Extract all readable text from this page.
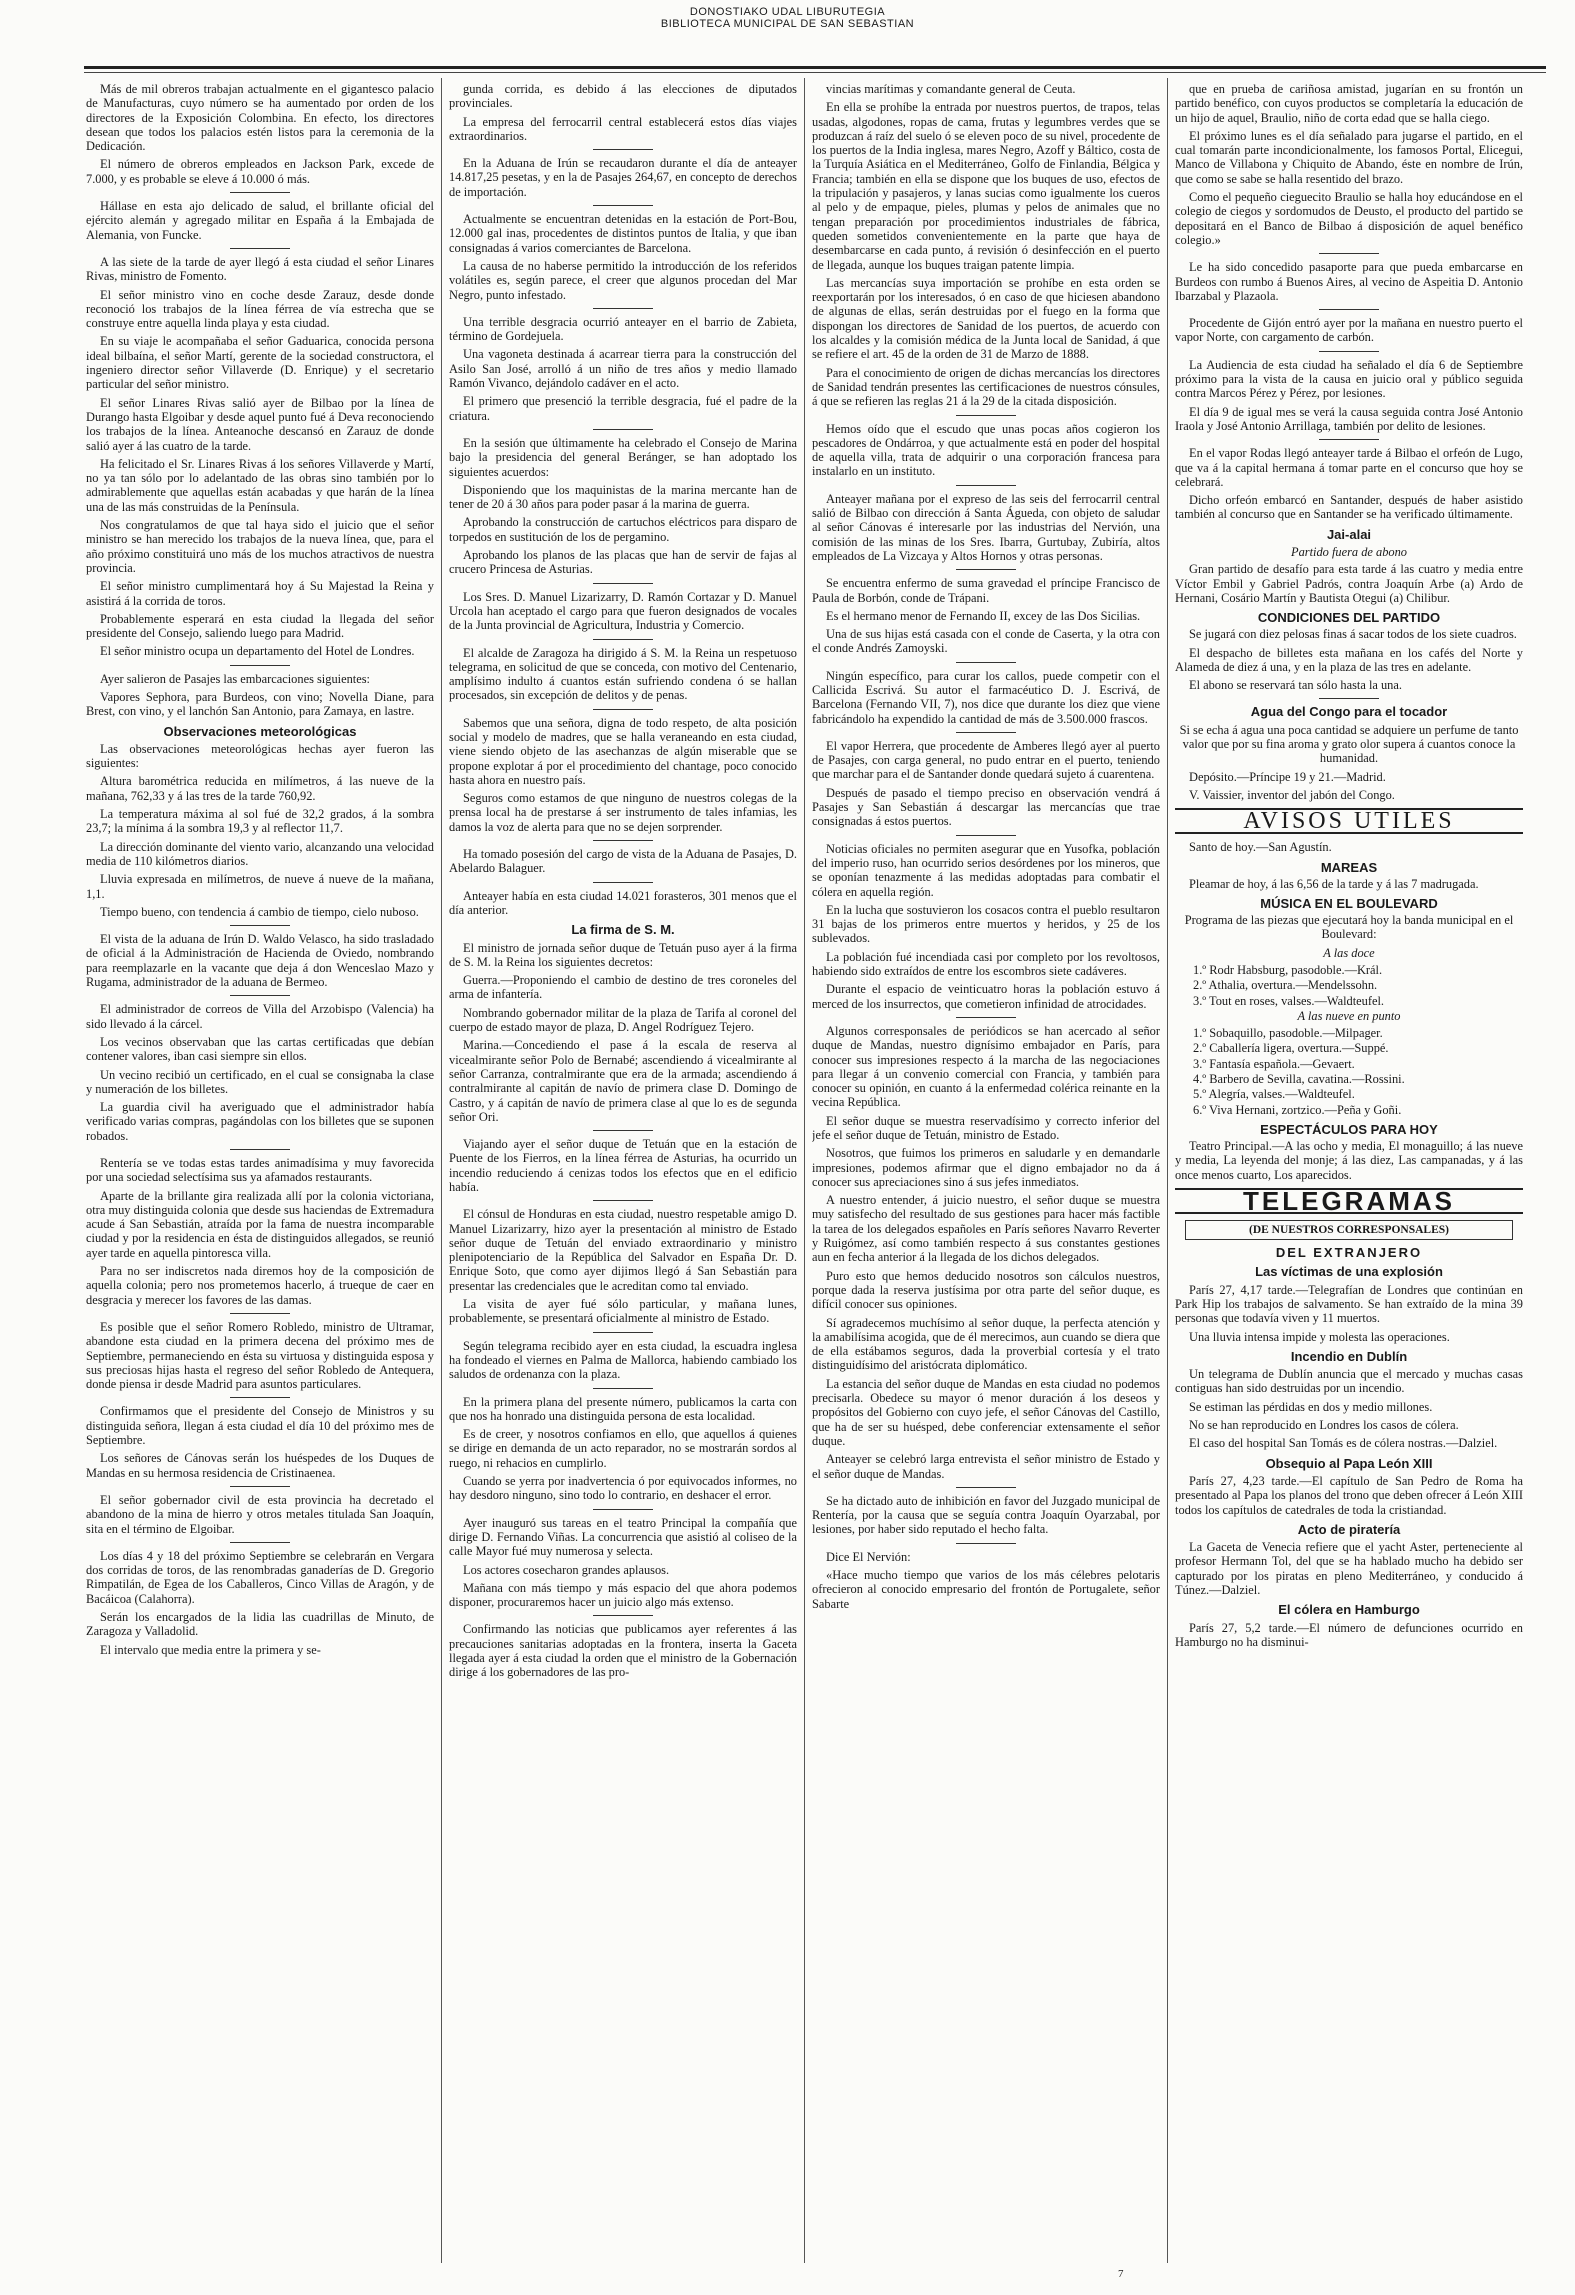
DONOSTIAKO UDAL LIBURUTEGIA
BIBLIOTECA MUNICIPAL DE SAN SEBASTIAN

Más de mil obreros trabajan actualmente en el gigantesco palacio de Manufacturas, cuyo número se ha aumentado por orden de los directores de la Exposición Colombina. En efecto, los directores desean que todos los palacios estén listos para la ceremonia de la Dedicación.

El número de obreros empleados en Jackson Park, excede de 7.000, y es probable se eleve á 10.000 ó más.

Hállase en esta ajo delicado de salud, el brillante oficial del ejército alemán y agregado militar en España á la Embajada de Alemania, von Funcke.

A las siete de la tarde de ayer llegó á esta ciudad el señor Linares Rivas, ministro de Fomento.

El señor ministro vino en coche desde Zarauz, desde donde reconoció los trabajos de la línea férrea de vía estrecha que se construye entre aquella linda playa y esta ciudad.

En su viaje le acompañaba el señor Gaduarica, conocida persona ideal bilbaína, el señor Martí, gerente de la sociedad constructora, el ingeniero director señor Villaverde (D. Enrique) y el secretario particular del señor ministro.

El señor Linares Rivas salió ayer de Bilbao por la línea de Durango hasta Elgoibar y desde aquel punto fué á Deva reconociendo los trabajos de la línea. Anteanoche descansó en Zarauz de donde salió ayer á las cuatro de la tarde.

Ha felicitado el Sr. Linares Rivas á los señores Villaverde y Martí, no ya tan sólo por lo adelantado de las obras sino también por lo admirablemente que aquellas están acabadas y que harán de la línea una de las más construidas de la Península.

Nos congratulamos de que tal haya sido el juicio que el señor ministro se han merecido los trabajos de la nueva línea, que, para el año próximo constituirá uno más de los muchos atractivos de nuestra provincia.

El señor ministro cumplimentará hoy á Su Majestad la Reina y asistirá á la corrida de toros.

Probablemente esperará en esta ciudad la llegada del señor presidente del Consejo, saliendo luego para Madrid.

El señor ministro ocupa un departamento del Hotel de Londres.

Ayer salieron de Pasajes las embarcaciones siguientes:

Vapores Sephora, para Burdeos, con vino; Novella Diane, para Brest, con vino, y el lanchón San Antonio, para Zamaya, en lastre.

Observaciones meteorológicas

Las observaciones meteorológicas hechas ayer fueron las siguientes:

Altura barométrica reducida en milímetros, á las nueve de la mañana, 762,33 y á las tres de la tarde 760,92.

La temperatura máxima al sol fué de 32,2 grados, á la sombra 23,7; la mínima á la sombra 19,3 y al reflector 11,7.

La dirección dominante del viento vario, alcanzando una velocidad media de 110 kilómetros diarios.

Lluvia expresada en milímetros, de nueve á nueve de la mañana, 1,1.

Tiempo bueno, con tendencia á cambio de tiempo, cielo nuboso.

El vista de la aduana de Irún D. Waldo Velasco, ha sido trasladado de oficial á la Administración de Hacienda de Oviedo, nombrando para reemplazarle en la vacante que deja á don Wenceslao Mazo y Rugama, administrador de la aduana de Bermeo.

El administrador de correos de Villa del Arzobispo (Valencia) ha sido llevado á la cárcel.

Los vecinos observaban que las cartas certificadas que debían contener valores, iban casi siempre sin ellos.

Un vecino recibió un certificado, en el cual se consignaba la clase y numeración de los billetes.

La guardia civil ha averiguado que el administrador había verificado varias compras, pagándolas con los billetes que se suponen robados.

Rentería se ve todas estas tardes animadísima y muy favorecida por una sociedad selectísima sus ya afamados restaurants.

Aparte de la brillante gira realizada allí por la colonia victoriana, otra muy distinguida colonia que desde sus haciendas de Extremadura acude á San Sebastián, atraída por la fama de nuestra incomparable ciudad y por la residencia en ésta de distinguidos allegados, se reunió ayer tarde en aquella pintoresca villa.

Para no ser indiscretos nada diremos hoy de la composición de aquella colonia; pero nos prometemos hacerlo, á trueque de caer en desgracia y merecer los favores de las damas.

Es posible que el señor Romero Robledo, ministro de Ultramar, abandone esta ciudad en la primera decena del próximo mes de Septiembre, permaneciendo en ésta su virtuosa y distinguida esposa y sus preciosas hijas hasta el regreso del señor Robledo de Antequera, donde piensa ir desde Madrid para asuntos particulares.

Confirmamos que el presidente del Consejo de Ministros y su distinguida señora, llegan á esta ciudad el día 10 del próximo mes de Septiembre.

Los señores de Cánovas serán los huéspedes de los Duques de Mandas en su hermosa residencia de Cristinaenea.

El señor gobernador civil de esta provincia ha decretado el abandono de la mina de hierro y otros metales titulada San Joaquín, sita en el término de Elgoibar.

Los días 4 y 18 del próximo Septiembre se celebrarán en Vergara dos corridas de toros, de las renombradas ganaderías de D. Gregorio Rimpatilán, de Egea de los Caballeros, Cinco Villas de Aragón, y de Bacáicoa (Calahorra).

Serán los encargados de la lidia las cuadrillas de Minuto, de Zaragoza y Valladolid.

El intervalo que media entre la primera y se-

gunda corrida, es debido á las elecciones de diputados provinciales.

La empresa del ferrocarril central establecerá estos días viajes extraordinarios.

En la Aduana de Irún se recaudaron durante el día de anteayer 14.817,25 pesetas, y en la de Pasajes 264,67, en concepto de derechos de importación.

Actualmente se encuentran detenidas en la estación de Port-Bou, 12.000 gal inas, procedentes de distintos puntos de Italia, y que iban consignadas á varios comerciantes de Barcelona.

La causa de no haberse permitido la introducción de los referidos volátiles es, según parece, el creer que algunos procedan del Mar Negro, punto infestado.

Una terrible desgracia ocurrió anteayer en el barrio de Zabieta, término de Gordejuela.

Una vagoneta destinada á acarrear tierra para la construcción del Asilo San José, arrolló á un niño de tres años y medio llamado Ramón Vivanco, dejándolo cadáver en el acto.

El primero que presenció la terrible desgracia, fué el padre de la criatura.

En la sesión que últimamente ha celebrado el Consejo de Marina bajo la presidencia del general Beránger, se han adoptado los siguientes acuerdos:

Disponiendo que los maquinistas de la marina mercante han de tener de 20 á 30 años para poder pasar á la marina de guerra.

Aprobando la construcción de cartuchos eléctricos para disparo de torpedos en sustitución de los de pergamino.

Aprobando los planos de las placas que han de servir de fajas al crucero Princesa de Asturias.

Los Sres. D. Manuel Lizarizarry, D. Ramón Cortazar y D. Manuel Urcola han aceptado el cargo para que fueron designados de vocales de la Junta provincial de Agricultura, Industria y Comercio.

El alcalde de Zaragoza ha dirigido á S. M. la Reina un respetuoso telegrama, en solicitud de que se conceda, con motivo del Centenario, amplísimo indulto á cuantos están sufriendo condena ó se hallan procesados, sin excepción de delitos y de penas.

Sabemos que una señora, digna de todo respeto, de alta posición social y modelo de madres, que se halla veraneando en esta ciudad, viene siendo objeto de las asechanzas de algún miserable que se propone explotar á por el procedimiento del chantage, poco conocido hasta ahora en nuestro país.

Seguros como estamos de que ninguno de nuestros colegas de la prensa local ha de prestarse á ser instrumento de tales infamias, les damos la voz de alerta para que no se dejen sorprender.

Ha tomado posesión del cargo de vista de la Aduana de Pasajes, D. Abelardo Balaguer.

Anteayer había en esta ciudad 14.021 forasteros, 301 menos que el día anterior.

La firma de S. M.

El ministro de jornada señor duque de Tetuán puso ayer á la firma de S. M. la Reina los siguientes decretos:

Guerra.—Proponiendo el cambio de destino de tres coroneles del arma de infantería.

Nombrando gobernador militar de la plaza de Tarifa al coronel del cuerpo de estado mayor de plaza, D. Angel Rodríguez Tejero.

Marina.—Concediendo el pase á la escala de reserva al vicealmirante señor Polo de Bernabé; ascendiendo á vicealmirante al señor Carranza, contralmirante que era de la armada; ascendiendo á contralmirante al capitán de navío de primera clase D. Domingo de Castro, y á capitán de navío de primera clase al que lo es de segunda señor Ori.

Viajando ayer el señor duque de Tetuán que en la estación de Puente de los Fierros, en la línea férrea de Asturias, ha ocurrido un incendio reduciendo á cenizas todos los efectos que en el edificio había.

El cónsul de Honduras en esta ciudad, nuestro respetable amigo D. Manuel Lizarizarry, hizo ayer la presentación al ministro de Estado señor duque de Tetuán del enviado extraordinario y ministro plenipotenciario de la República del Salvador en España Dr. D. Enrique Soto, que como ayer dijimos llegó á San Sebastián para presentar las credenciales que le acreditan como tal enviado.

La visita de ayer fué sólo particular, y mañana lunes, probablemente, se presentará oficialmente al ministro de Estado.

Según telegrama recibido ayer en esta ciudad, la escuadra inglesa ha fondeado el viernes en Palma de Mallorca, habiendo cambiado los saludos de ordenanza con la plaza.

En la primera plana del presente número, publicamos la carta con que nos ha honrado una distinguida persona de esta localidad.

Es de creer, y nosotros confiamos en ello, que aquellos á quienes se dirige en demanda de un acto reparador, no se mostrarán sordos al ruego, ni rehacios en cumplirlo.

Cuando se yerra por inadvertencia ó por equivocados informes, no hay desdoro ninguno, sino todo lo contrario, en deshacer el error.

Ayer inauguró sus tareas en el teatro Principal la compañía que dirige D. Fernando Viñas. La concurrencia que asistió al coliseo de la calle Mayor fué muy numerosa y selecta.

Los actores cosecharon grandes aplausos.

Mañana con más tiempo y más espacio del que ahora podemos disponer, procuraremos hacer un juicio algo más extenso.

Confirmando las noticias que publicamos ayer referentes á las precauciones sanitarias adoptadas en la frontera, inserta la Gaceta llegada ayer á esta ciudad la orden que el ministro de la Gobernación dirige á los gobernadores de las pro-

vincias marítimas y comandante general de Ceuta.

En ella se prohíbe la entrada por nuestros puertos, de trapos, telas usadas, algodones, ropas de cama, frutas y legumbres verdes que se produzcan á raíz del suelo ó se eleven poco de su nivel, procedente de los puertos de la India inglesa, mares Negro, Azoff y Báltico, costa de la Turquía Asiática en el Mediterráneo, Golfo de Finlandia, Bélgica y Francia; también en ella se dispone que los buques de uso, efectos de la tripulación y pasajeros, y lanas sucias como igualmente los cueros al pelo y de empaque, pieles, plumas y pelos de animales que no tengan preparación por procedimientos industriales de fábrica, queden sometidos convenientemente en la parte que haya de desembarcarse en cada punto, á revisión ó desinfección en el puerto de llegada, aunque los buques traigan patente limpia.

Las mercancías suya importación se prohíbe en esta orden se reexportarán por los interesados, ó en caso de que hiciesen abandono de algunas de ellas, serán destruidas por el fuego en la forma que dispongan los directores de Sanidad de los puertos, de acuerdo con los alcaldes y la comisión médica de la Junta local de Sanidad, á que se refiere el art. 45 de la orden de 31 de Marzo de 1888.

Para el conocimiento de origen de dichas mercancías los directores de Sanidad tendrán presentes las certificaciones de nuestros cónsules, á que se refieren las reglas 21 á la 29 de la citada disposición.

Hemos oído que el escudo que unas pocas años cogieron los pescadores de Ondárroa, y que actualmente está en poder del hospital de aquella villa, trata de adquirir o una corporación francesa para instalarlo en un instituto.

Anteayer mañana por el expreso de las seis del ferrocarril central salió de Bilbao con dirección á Santa Águeda, con objeto de saludar al señor Cánovas é interesarle por las industrias del Nervión, una comisión de las minas de los Sres. Ibarra, Gurtubay, Zubiría, altos empleados de La Vizcaya y Altos Hornos y otras personas.

Se encuentra enfermo de suma gravedad el príncipe Francisco de Paula de Borbón, conde de Trápani.

Es el hermano menor de Fernando II, excey de las Dos Sicilias.

Una de sus hijas está casada con el conde de Caserta, y la otra con el conde Andrés Zamoyski.

Ningún específico, para curar los callos, puede competir con el Callicida Escrivá. Su autor el farmacéutico D. J. Escrivá, de Barcelona (Fernando VII, 7), nos dice que durante los diez que viene fabricándolo ha expendido la cantidad de más de 3.500.000 frascos.

El vapor Herrera, que procedente de Amberes llegó ayer al puerto de Pasajes, con carga general, no pudo entrar en el puerto, teniendo que marchar para el de Santander donde quedará sujeto á cuarentena.

Después de pasado el tiempo preciso en observación vendrá á Pasajes y San Sebastián á descargar las mercancías que trae consignadas á estos puertos.

Noticias oficiales no permiten asegurar que en Yusofka, población del imperio ruso, han ocurrido serios desórdenes por los mineros, que se oponían tenazmente á las medidas adoptadas para combatir el cólera en aquella región.

En la lucha que sostuvieron los cosacos contra el pueblo resultaron 31 bajas de los primeros entre muertos y heridos, y 25 de los sublevados.

La población fué incendiada casi por completo por los revoltosos, habiendo sido extraídos de entre los escombros siete cadáveres.

Durante el espacio de veinticuatro horas la población estuvo á merced de los insurrectos, que cometieron infinidad de atrocidades.

Algunos corresponsales de periódicos se han acercado al señor duque de Mandas, nuestro dignísimo embajador en París, para conocer sus impresiones respecto á la marcha de las negociaciones para llegar á un convenio comercial con Francia, y también para conocer su opinión, en cuanto á la enfermedad colérica reinante en la vecina República.

El señor duque se muestra reservadísimo y correcto inferior del jefe el señor duque de Tetuán, ministro de Estado.

Nosotros, que fuimos los primeros en saludarle y en demandarle impresiones, podemos afirmar que el digno embajador no da á conocer sus apreciaciones sino á sus jefes inmediatos.

A nuestro entender, á juicio nuestro, el señor duque se muestra muy satisfecho del resultado de sus gestiones para hacer más factible la tarea de los delegados españoles en París señores Navarro Reverter y Ruigómez, así como también respecto á sus constantes gestiones aun en fecha anterior á la llegada de los dichos delegados.

Puro esto que hemos deducido nosotros son cálculos nuestros, porque dada la reserva justísima por otra parte del señor duque, es difícil conocer sus opiniones.

Sí agradecemos muchísimo al señor duque, la perfecta atención y la amabilísima acogida, que de él merecimos, aun cuando se diera que de ella estábamos seguros, dada la proverbial cortesía y el trato distinguidísimo del aristócrata diplomático.

La estancia del señor duque de Mandas en esta ciudad no podemos precisarla. Obedece su mayor ó menor duración á los deseos y propósitos del Gobierno con cuyo jefe, el señor Cánovas del Castillo, que ha de ser su huésped, debe conferenciar extensamente el señor duque.

Anteayer se celebró larga entrevista el señor ministro de Estado y el señor duque de Mandas.

Se ha dictado auto de inhibición en favor del Juzgado municipal de Rentería, por la causa que se seguía contra Joaquín Oyarzabal, por lesiones, por haber sido reputado el hecho falta.

Dice El Nervión:

«Hace mucho tiempo que varios de los más célebres pelotaris ofrecieron al conocido empresario del frontón de Portugalete, señor Sabarte

que en prueba de cariñosa amistad, jugarían en su frontón un partido benéfico, con cuyos productos se completaría la educación de un hijo de aquel, Braulio, niño de corta edad que se halla ciego.

El próximo lunes es el día señalado para jugarse el partido, en el cual tomarán parte incondicionalmente, los famosos Portal, Elicegui, Manco de Villabona y Chiquito de Abando, éste en nombre de Irún, que como se sabe se halla resentido del brazo.

Como el pequeño cieguecito Braulio se halla hoy educándose en el colegio de ciegos y sordomudos de Deusto, el producto del partido se depositará en el Banco de Bilbao á disposición de aquel benéfico colegio.»

Le ha sido concedido pasaporte para que pueda embarcarse en Burdeos con rumbo á Buenos Aires, al vecino de Aspeitia D. Antonio Ibarzabal y Plazaola.

Procedente de Gijón entró ayer por la mañana en nuestro puerto el vapor Norte, con cargamento de carbón.

La Audiencia de esta ciudad ha señalado el día 6 de Septiembre próximo para la vista de la causa en juicio oral y público seguida contra Marcos Pérez y Pérez, por lesiones.

El día 9 de igual mes se verá la causa seguida contra José Antonio Iraola y José Antonio Arrillaga, también por delito de lesiones.

En el vapor Rodas llegó anteayer tarde á Bilbao el orfeón de Lugo, que va á la capital hermana á tomar parte en el concurso que hoy se celebrará.

Dicho orfeón embarcó en Santander, después de haber asistido también al concurso que en Santander se ha verificado últimamente.

Jai-alai

Partido fuera de abono

Gran partido de desafío para esta tarde á las cuatro y media entre Víctor Embil y Gabriel Padrós, contra Joaquín Arbe (a) Ardo de Hernani, Cosário Martín y Bautista Otegui (a) Chilibur.

CONDICIONES DEL PARTIDO

Se jugará con diez pelosas finas á sacar todos de los siete cuadros.

El despacho de billetes esta mañana en los cafés del Norte y Alameda de diez á una, y en la plaza de las tres en adelante.

El abono se reservará tan sólo hasta la una.

Agua del Congo para el tocador

Si se echa á agua una poca cantidad se adquiere un perfume de tanto valor que por su fina aroma y grato olor supera á cuantos conoce la humanidad.

Depósito.—Príncipe 19 y 21.—Madrid.

V. Vaissier, inventor del jabón del Congo.

AVISOS UTILES

Santo de hoy.—San Agustín.

MAREAS

Pleamar de hoy, á las 6,56 de la tarde y á las 7 madrugada.

MÚSICA EN EL BOULEVARD

Programa de las piezas que ejecutará hoy la banda municipal en el Boulevard:

A las doce

1.º Rodr Habsburg, pasodoble.—Král.

2.º Athalia, overtura.—Mendelssohn.

3.º Tout en roses, valses.—Waldteufel.

A las nueve en punto

1.º Sobaquillo, pasodoble.—Milpager.

2.º Caballería ligera, overtura.—Suppé.

3.º Fantasía española.—Gevaert.

4.º Barbero de Sevilla, cavatina.—Rossini.

5.º Alegría, valses.—Waldteufel.

6.º Viva Hernani, zortzico.—Peña y Goñi.

ESPECTÁCULOS PARA HOY

Teatro Principal.—A las ocho y media, El monaguillo; á las nueve y media, La leyenda del monje; á las diez, Las campanadas, y á las once menos cuarto, Los aparecidos.

TELEGRAMAS
(DE NUESTROS CORRESPONSALES)

DEL EXTRANJERO

Las víctimas de una explosión

París 27, 4,17 tarde.—Telegrafían de Londres que continúan en Park Hip los trabajos de salvamento. Se han extraído de la mina 39 personas que todavía viven y 11 muertos.

Una lluvia intensa impide y molesta las operaciones.

Incendio en Dublín

Un telegrama de Dublín anuncia que el mercado y muchas casas contiguas han sido destruidas por un incendio.

Se estiman las pérdidas en dos y medio millones.

No se han reproducido en Londres los casos de cólera.

El caso del hospital San Tomás es de cólera nostras.—Dalziel.

Obsequio al Papa León XIII

París 27, 4,23 tarde.—El capítulo de San Pedro de Roma ha presentado al Papa los planos del trono que deben ofrecer á León XIII todos los capítulos de catedrales de toda la cristiandad.

Acto de piratería

La Gaceta de Venecia refiere que el yacht Aster, perteneciente al profesor Hermann Tol, del que se ha hablado mucho ha debido ser capturado por los piratas en pleno Mediterráneo, y conducido á Túnez.—Dalziel.

El cólera en Hamburgo

París 27, 5,2 tarde.—El número de defunciones ocurrido en Hamburgo no ha disminui-

7
